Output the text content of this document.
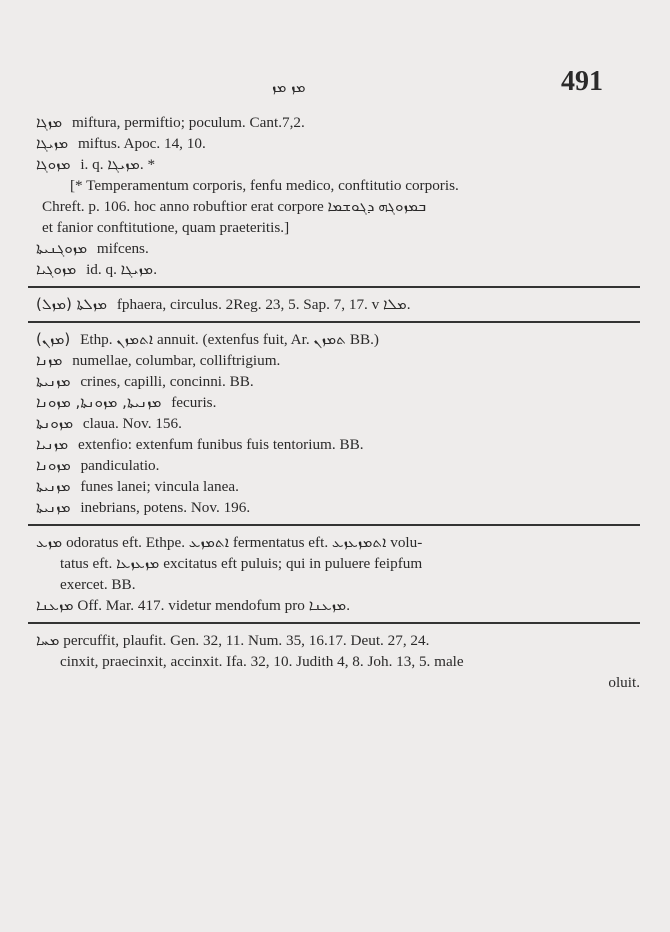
ܡܙ ܡܙ	491
ܡܙܓܐ miftura, permiftio; poculum. Cant.7,2.
ܡܙܝܓܐ miftus. Apoc. 14, 10.
ܡܙܘܓܐ i. q. ܡܙܝܓܐ. *
[* Temperamentum corporis, fenfu medico, conftitutio corporis.
Chreft. p. 106. hoc anno robuftior erat corpore ܒܡܙܘܓܗ ܕܓܘܫܡܐ
et fanior conftitutione, quam praeteritis.]
ܡܙܘܓܢܝܬܐ mifcens.
ܡܙܘܓܝܐ id. q. ܡܙܝܓܐ.
(ܡܙܠ) ܡܙܠܬܐ fphaera, circulus. 2Reg. 23, 5. Sap. 7, 17. v ܡܠܐ.
(ܡܙܢ) Ethp. ܐܬܡܙܢ annuit. (extenfus fuit, Ar. ܬܡܙܢ BB.)
ܡܙܢܐ numellae, columbar, colliftrigium.
ܡܙܢܝܬܐ crines, capilli, concinni. BB.
ܡܙܢܝܬܐ, ܡܙܘܢܬܐ, ܡܙܘܢܐ fecuris.
ܡܙܘܢܬܐ claua. Nov. 156.
ܡܙܢܝܐ extenfio: extenfum funibus fuis tentorium. BB.
ܡܙܘܢܐ pandiculatio.
ܡܙܢܝܬܐ funes lanei; vincula lanea.
ܡܙܢܝܬܐ inebrians, potens. Nov. 196.
ܡܙܥ odoratus eft. Ethpe. ܐܬܡܙܥ fermentatus eft. ܐܬܡܙܥܙܥ volu-
tatus eft. ܡܙܥܙܥܐ excitatus eft puluis; qui in puluere feipfum
exercet. BB.
ܡܙܥܢܐ Off. Mar. 417. videtur mendofum pro ܡܙܥܢܐ.
ܡܚܐ percuffit, plaufit. Gen. 32, 11. Num. 35, 16.17. Deut. 27, 24.
cinxit, praecinxit, accinxit. Ifa. 32, 10. Judith 4, 8. Joh. 13, 5. male
oluit.
